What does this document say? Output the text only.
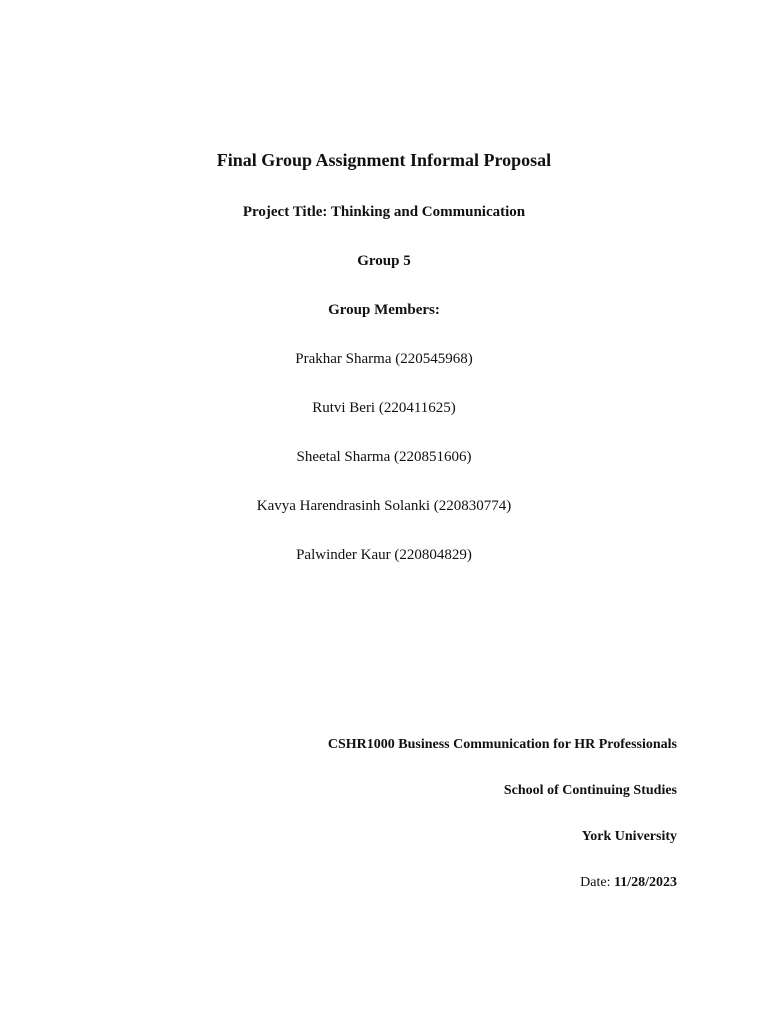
Final Group Assignment Informal Proposal
Project Title: Thinking and Communication
Group 5
Group Members:
Prakhar Sharma (220545968)
Rutvi Beri (220411625)
Sheetal Sharma (220851606)
Kavya Harendrasinh Solanki (220830774)
Palwinder Kaur (220804829)
CSHR1000 Business Communication for HR Professionals
School of Continuing Studies
York University
Date: 11/28/2023
